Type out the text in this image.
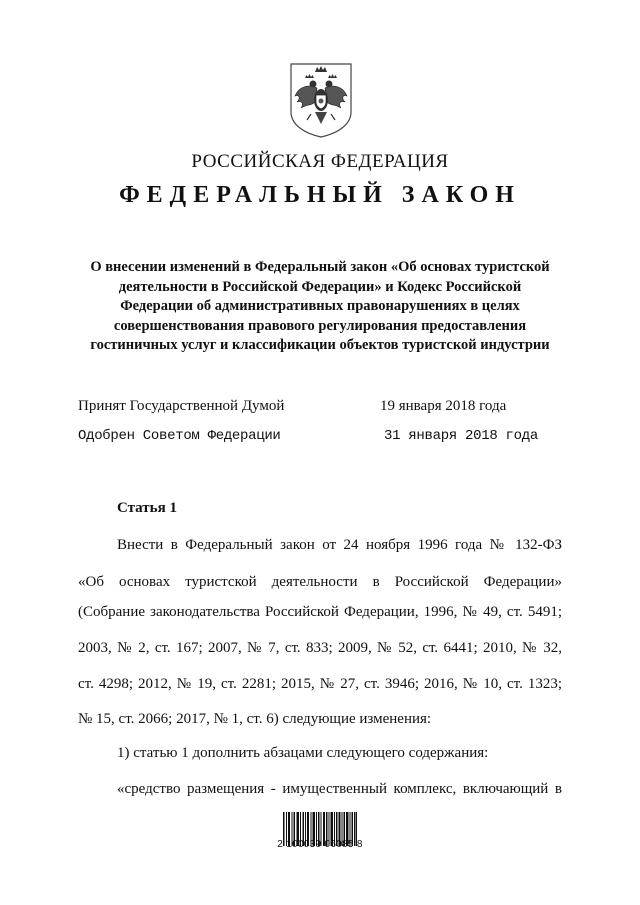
РОССИЙСКАЯ ФЕДЕРАЦИЯ
ФЕДЕРАЛЬНЫЙ ЗАКОН
О внесении изменений в Федеральный закон «Об основах туристской
деятельности в Российской Федерации» и Кодекс Российской
Федерации об административных правонарушениях в целях
совершенствования правового регулирования предоставления
гостиничных услуг и классификации объектов туристской индустрии
Принят Государственной Думой	19 января 2018 года
Одобрен Советом Федерации	31 января 2018 года
Статья 1
Внести в Федеральный закон от 24 ноября 1996 года № 132-ФЗ
«Об основах туристской деятельности в Российской Федерации»
(Собрание законодательства Российской Федерации, 1996, № 49, ст. 5491;
2003, № 2, ст. 167; 2007, № 7, ст. 833; 2009, № 52, ст. 6441; 2010, № 32,
ст. 4298; 2012, № 19, ст. 2281; 2015, № 27, ст. 3946; 2016, № 10, ст. 1323;
№ 15, ст. 2066; 2017, № 1, ст. 6) следующие изменения:
1) статью 1 дополнить абзацами следующего содержания:
«средство размещения - имущественный комплекс, включающий в
2 100039 06085 8
